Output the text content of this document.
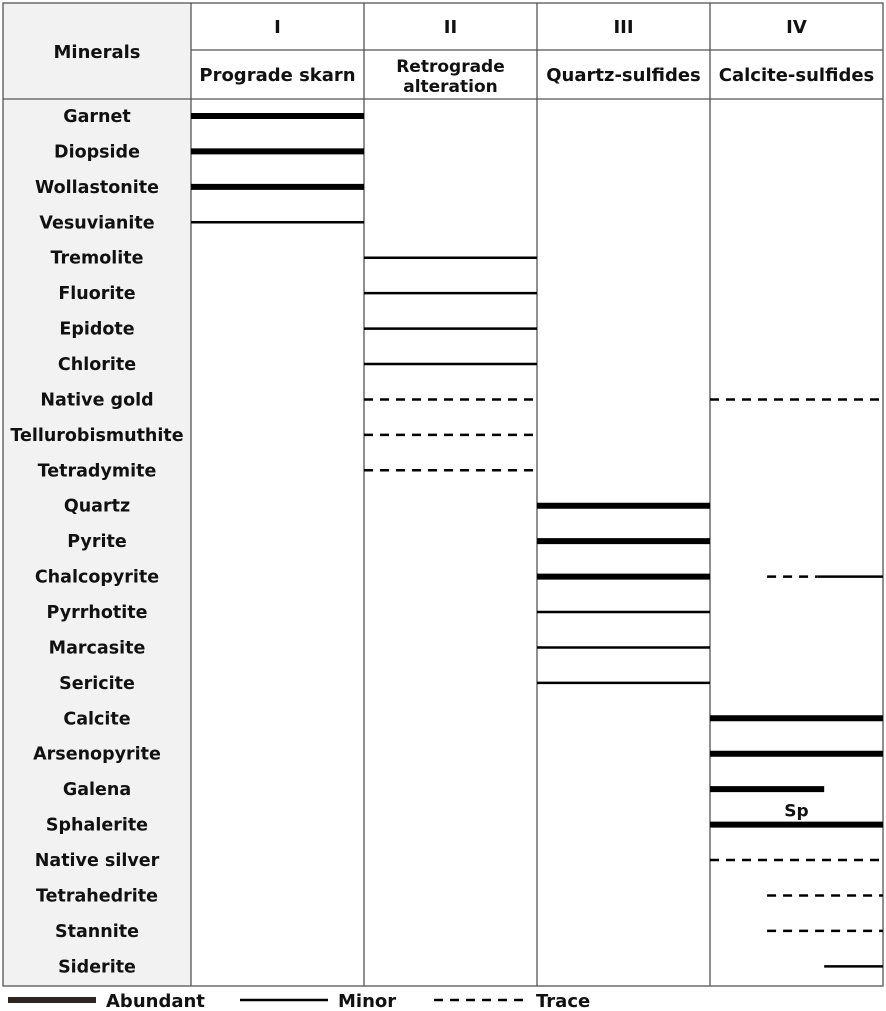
Minerals
I
Prograde skarn
II
Retrograde
alteration
III
Quartz-sulfides
IV
Calcite-sulfides
Garnet
Diopside
Wollastonite
Vesuvianite
Tremolite
Fluorite
Epidote
Chlorite
Native gold
Tellurobismuthite
Tetradymite
Quartz
Pyrite
Chalcopyrite
Pyrrhotite
Marcasite
Sericite
Calcite
Arsenopyrite
Galena
Sphalerite
Sp
Native silver
Tetrahedrite
Stannite
Siderite
Abundant	Minor	Trace
